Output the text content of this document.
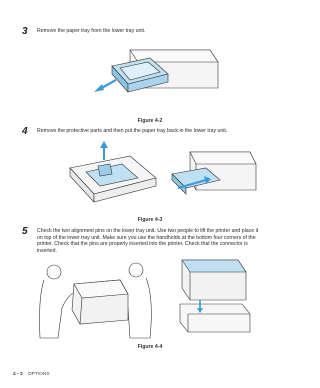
3 Remove the paper tray from the lower tray unit.
Figure 4-2
4 Remove the protective parts and then put the paper tray back in the lower tray unit.
Figure 4-3
5 Check the two alignment pins on the lower tray unit. Use two people to lift the printer and place it
on top of the lower tray unit. Make sure you use the handholds at the bottom four corners of the
printer. Check that the pins are properly inserted into the printer. Check that the connector is
inserted.
Figure 4-4
4 - 3 OPTIONS
